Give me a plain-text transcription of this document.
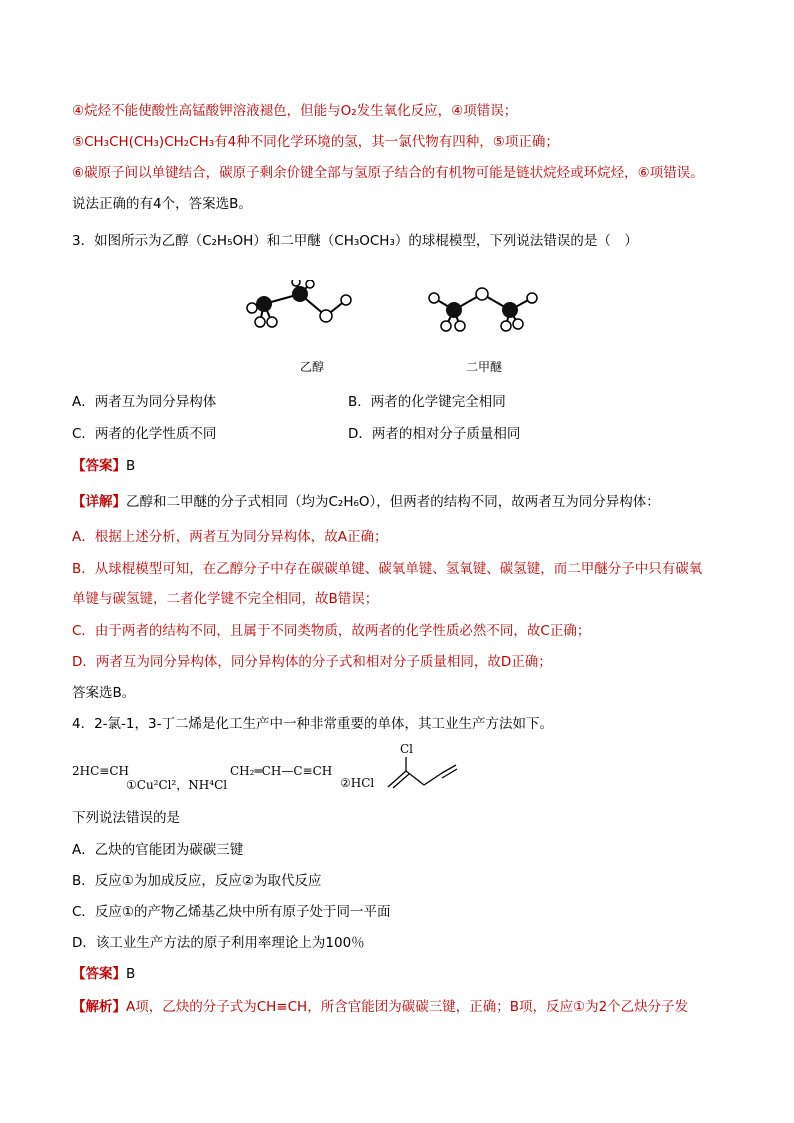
④烷烃不能使酸性高锰酸钾溶液褪色，但能与O₂发生氧化反应，④项错误；
⑤CH₃CH(CH₃)CH₂CH₃有4种不同化学环境的氢，其一氯代物有四种，⑤项正确；
⑥碳原子间以单键结合，碳原子剩余价键全部与氢原子结合的有机物可能是链状烷烃或环烷烃，⑥项错误。
说法正确的有4个，答案选B。
3．如图所示为乙醇（C₂H₅OH）和二甲醚（CH₃OCH₃）的球棍模型，下列说法错误的是（　）
乙醇	二甲醚
A．两者互为同分异构体	B．两者的化学键完全相同
C．两者的化学性质不同	D．两者的相对分子质量相同
【答案】B
【详解】乙醇和二甲醚的分子式相同（均为C₂H₆O），但两者的结构不同，故两者互为同分异构体：
A．根据上述分析，两者互为同分异构体，故A正确；
B．从球棍模型可知，在乙醇分子中存在碳碳单键、碳氧单键、氢氧键、碳氢键，而二甲醚分子中只有碳氧
单键与碳氢键，二者化学键不完全相同，故B错误；
C．由于两者的结构不同，且属于不同类物质，故两者的化学性质必然不同，故C正确；
D．两者互为同分异构体，同分异构体的分子式和相对分子质量相同，故D正确；
答案选B。
4．2-氯-1，3-丁二烯是化工生产中一种非常重要的单体，其工业生产方法如下。
2HC≡CH
①Cu²Cl²，NH⁴Cl
CH₂═CH—C≡CH
②HCl
Cl
下列说法错误的是
A．乙炔的官能团为碳碳三键
B．反应①为加成反应，反应②为取代反应
C．反应①的产物乙烯基乙炔中所有原子处于同一平面
D．该工业生产方法的原子利用率理论上为100％
【答案】B
【解析】A项，乙炔的分子式为CH≡CH，所含官能团为碳碳三键，正确；B项，反应①为2个乙炔分子发
